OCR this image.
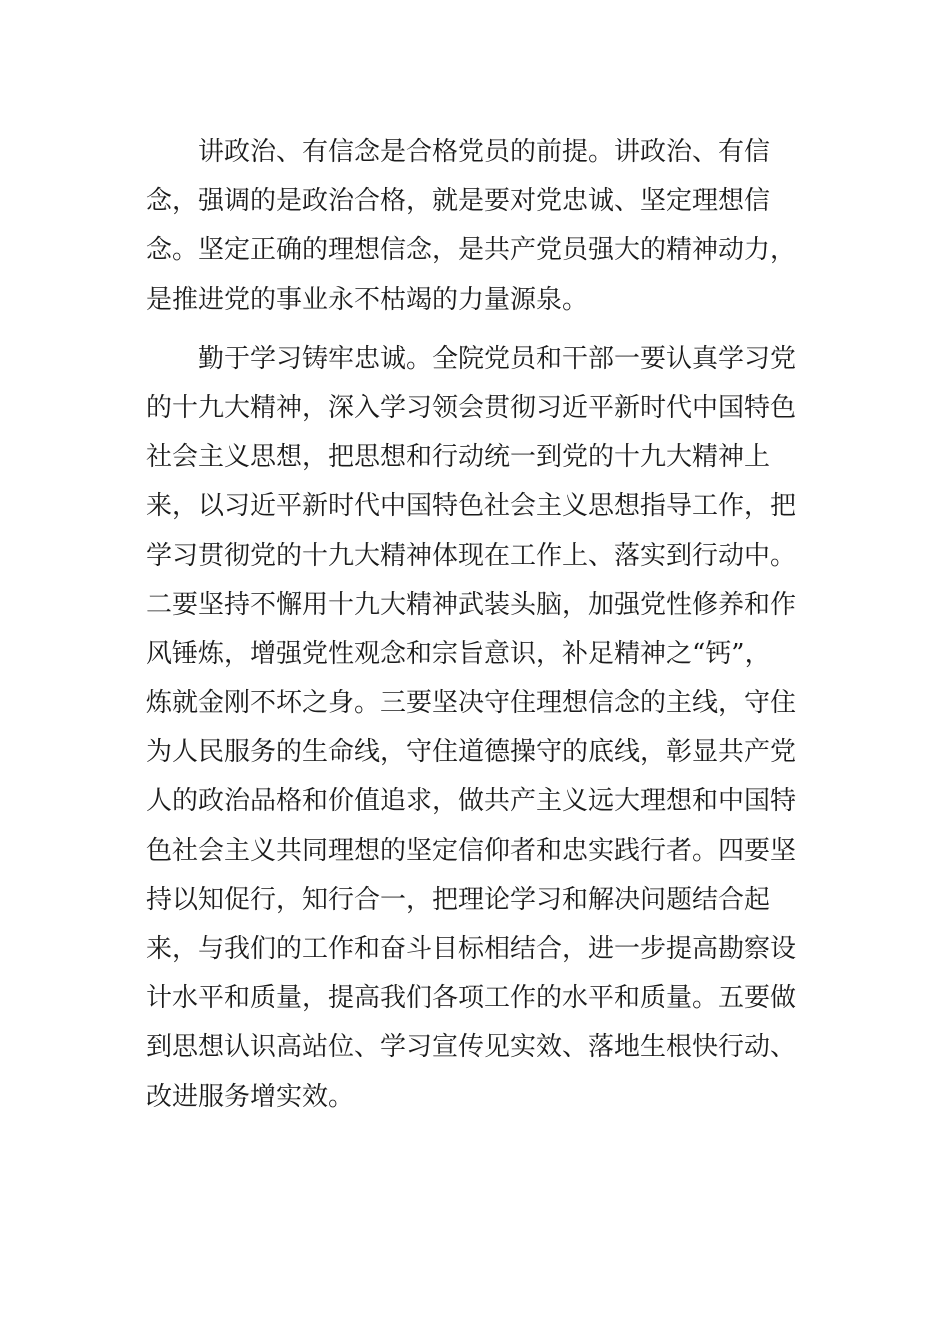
讲政治、有信念是合格党员的前提。讲政治、有信
念，强调的是政治合格，就是要对党忠诚、坚定理想信
念。坚定正确的理想信念，是共产党员强大的精神动力，
是推进党的事业永不枯竭的力量源泉。
勤于学习铸牢忠诚。全院党员和干部一要认真学习党
的十九大精神，深入学习领会贯彻习近平新时代中国特色
社会主义思想，把思想和行动统一到党的十九大精神上
来，以习近平新时代中国特色社会主义思想指导工作，把
学习贯彻党的十九大精神体现在工作上、落实到行动中。
二要坚持不懈用十九大精神武装头脑，加强党性修养和作
风锤炼，增强党性观念和宗旨意识，补足精神之“钙”，
炼就金刚不坏之身。三要坚决守住理想信念的主线，守住
为人民服务的生命线，守住道德操守的底线，彰显共产党
人的政治品格和价值追求，做共产主义远大理想和中国特
色社会主义共同理想的坚定信仰者和忠实践行者。四要坚
持以知促行，知行合一，把理论学习和解决问题结合起
来，与我们的工作和奋斗目标相结合，进一步提高勘察设
计水平和质量，提高我们各项工作的水平和质量。五要做
到思想认识高站位、学习宣传见实效、落地生根快行动、
改进服务增实效。
